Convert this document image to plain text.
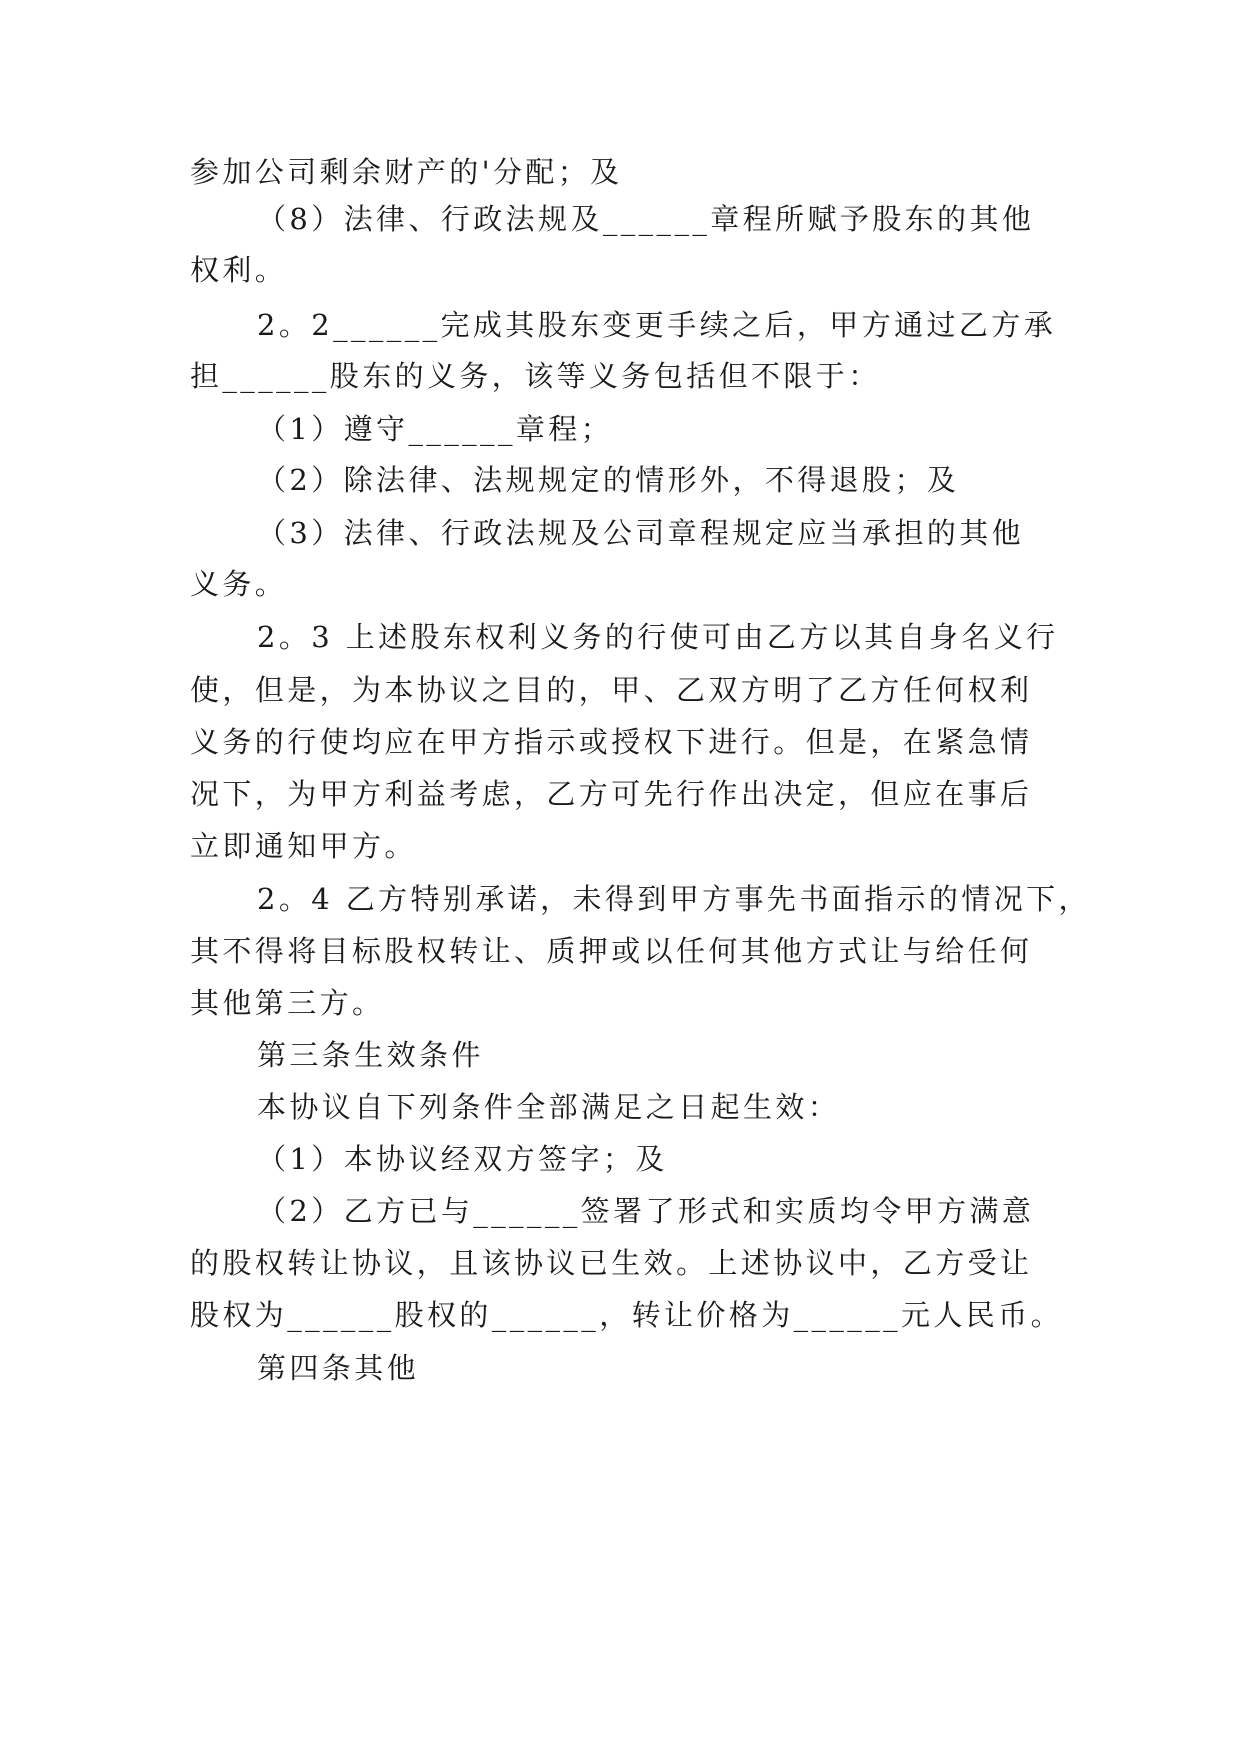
参加公司剩余财产的'分配；及
（8）法律、行政法规及______章程所赋予股东的其他
权利。
2。2______完成其股东变更手续之后，甲方通过乙方承
担______股东的义务，该等义务包括但不限于：
（1）遵守______章程；
（2）除法律、法规规定的情形外，不得退股；及
（3）法律、行政法规及公司章程规定应当承担的其他
义务。
2。3 上述股东权利义务的行使可由乙方以其自身名义行
使，但是，为本协议之目的，甲、乙双方明了乙方任何权利
义务的行使均应在甲方指示或授权下进行。但是，在紧急情
况下，为甲方利益考虑，乙方可先行作出决定，但应在事后
立即通知甲方。
2。4 乙方特别承诺，未得到甲方事先书面指示的情况下，
其不得将目标股权转让、质押或以任何其他方式让与给任何
其他第三方。
第三条生效条件
本协议自下列条件全部满足之日起生效：
（1）本协议经双方签字；及
（2）乙方已与______签署了形式和实质均令甲方满意
的股权转让协议，且该协议已生效。上述协议中，乙方受让
股权为______股权的______，转让价格为______元人民币。
第四条其他
